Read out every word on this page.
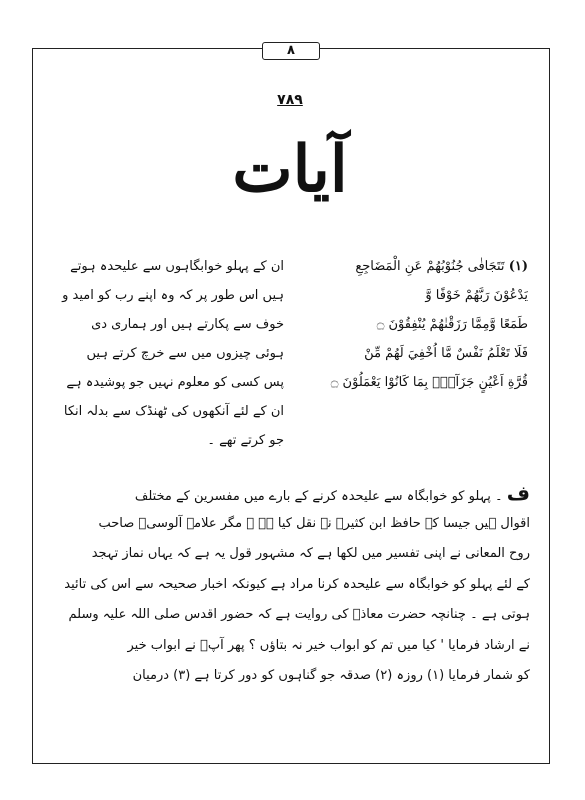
۸
۷۸۹
آیات
(۱) تَتَجَافٰى جُنُوْبُهُمْ عَنِ الْمَضَاجِعِ
يَدْعُوْنَ رَبَّهُمْ خَوْفًا وَّ
طَمَعًا وَّمِمَّا رَزَقْنٰهُمْ يُنْفِقُوْنَ ۝
فَلَا تَعْلَمُ نَفْسٌ مَّا اُخْفِيَ لَهُمْ مِّنْ
قُرَّةِ اَعْيُنٍ جَزَآءًۢ بِمَا كَانُوْا يَعْمَلُوْنَ ۝
ان کے پہلو خوابگاہوں سے علیحدہ ہوتے
ہیں اس طور پر کہ وہ اپنے رب کو امید و
خوف سے پکارتے ہیں اور ہماری دی
ہوئی چیزوں میں سے خرچ کرتے ہیں
پس کسی کو معلوم نہیں جو پوشیدہ ہے
ان کے لئے آنکھوں کی ٹھنڈک سے بدلہ انکا
جو کرتے تھے ۔
ف ۔ پہلو کو خوابگاہ سے علیحدہ کرنے کے بارے میں مفسرین کے مختلف
اقوال ہیں جیسا کہ حافظ ابن کثیرؒ نے نقل کیا ہے ۔ مگر علامہ آلوسیؒ صاحب
روح المعانی نے اپنی تفسیر میں لکھا ہے کہ مشہور قول یہ ہے کہ یہاں نماز تہجد
کے لئے پہلو کو خوابگاہ سے علیحدہ کرنا مراد ہے کیونکہ اخبار صحیحہ سے اس کی تائید
ہوتی ہے ۔ چنانچہ حضرت معاذؓ کی روایت ہے کہ حضور اقدس صلی اللہ علیہ وسلم
نے ارشاد فرمایا ' کیا میں تم کو ابواب خیر نہ بتاؤں ؟ پھر آپؐ نے ابواب خیر
کو شمار فرمایا (۱) روزہ (۲) صدقہ جو گناہوں کو دور کرتا ہے (۳) درمیان
